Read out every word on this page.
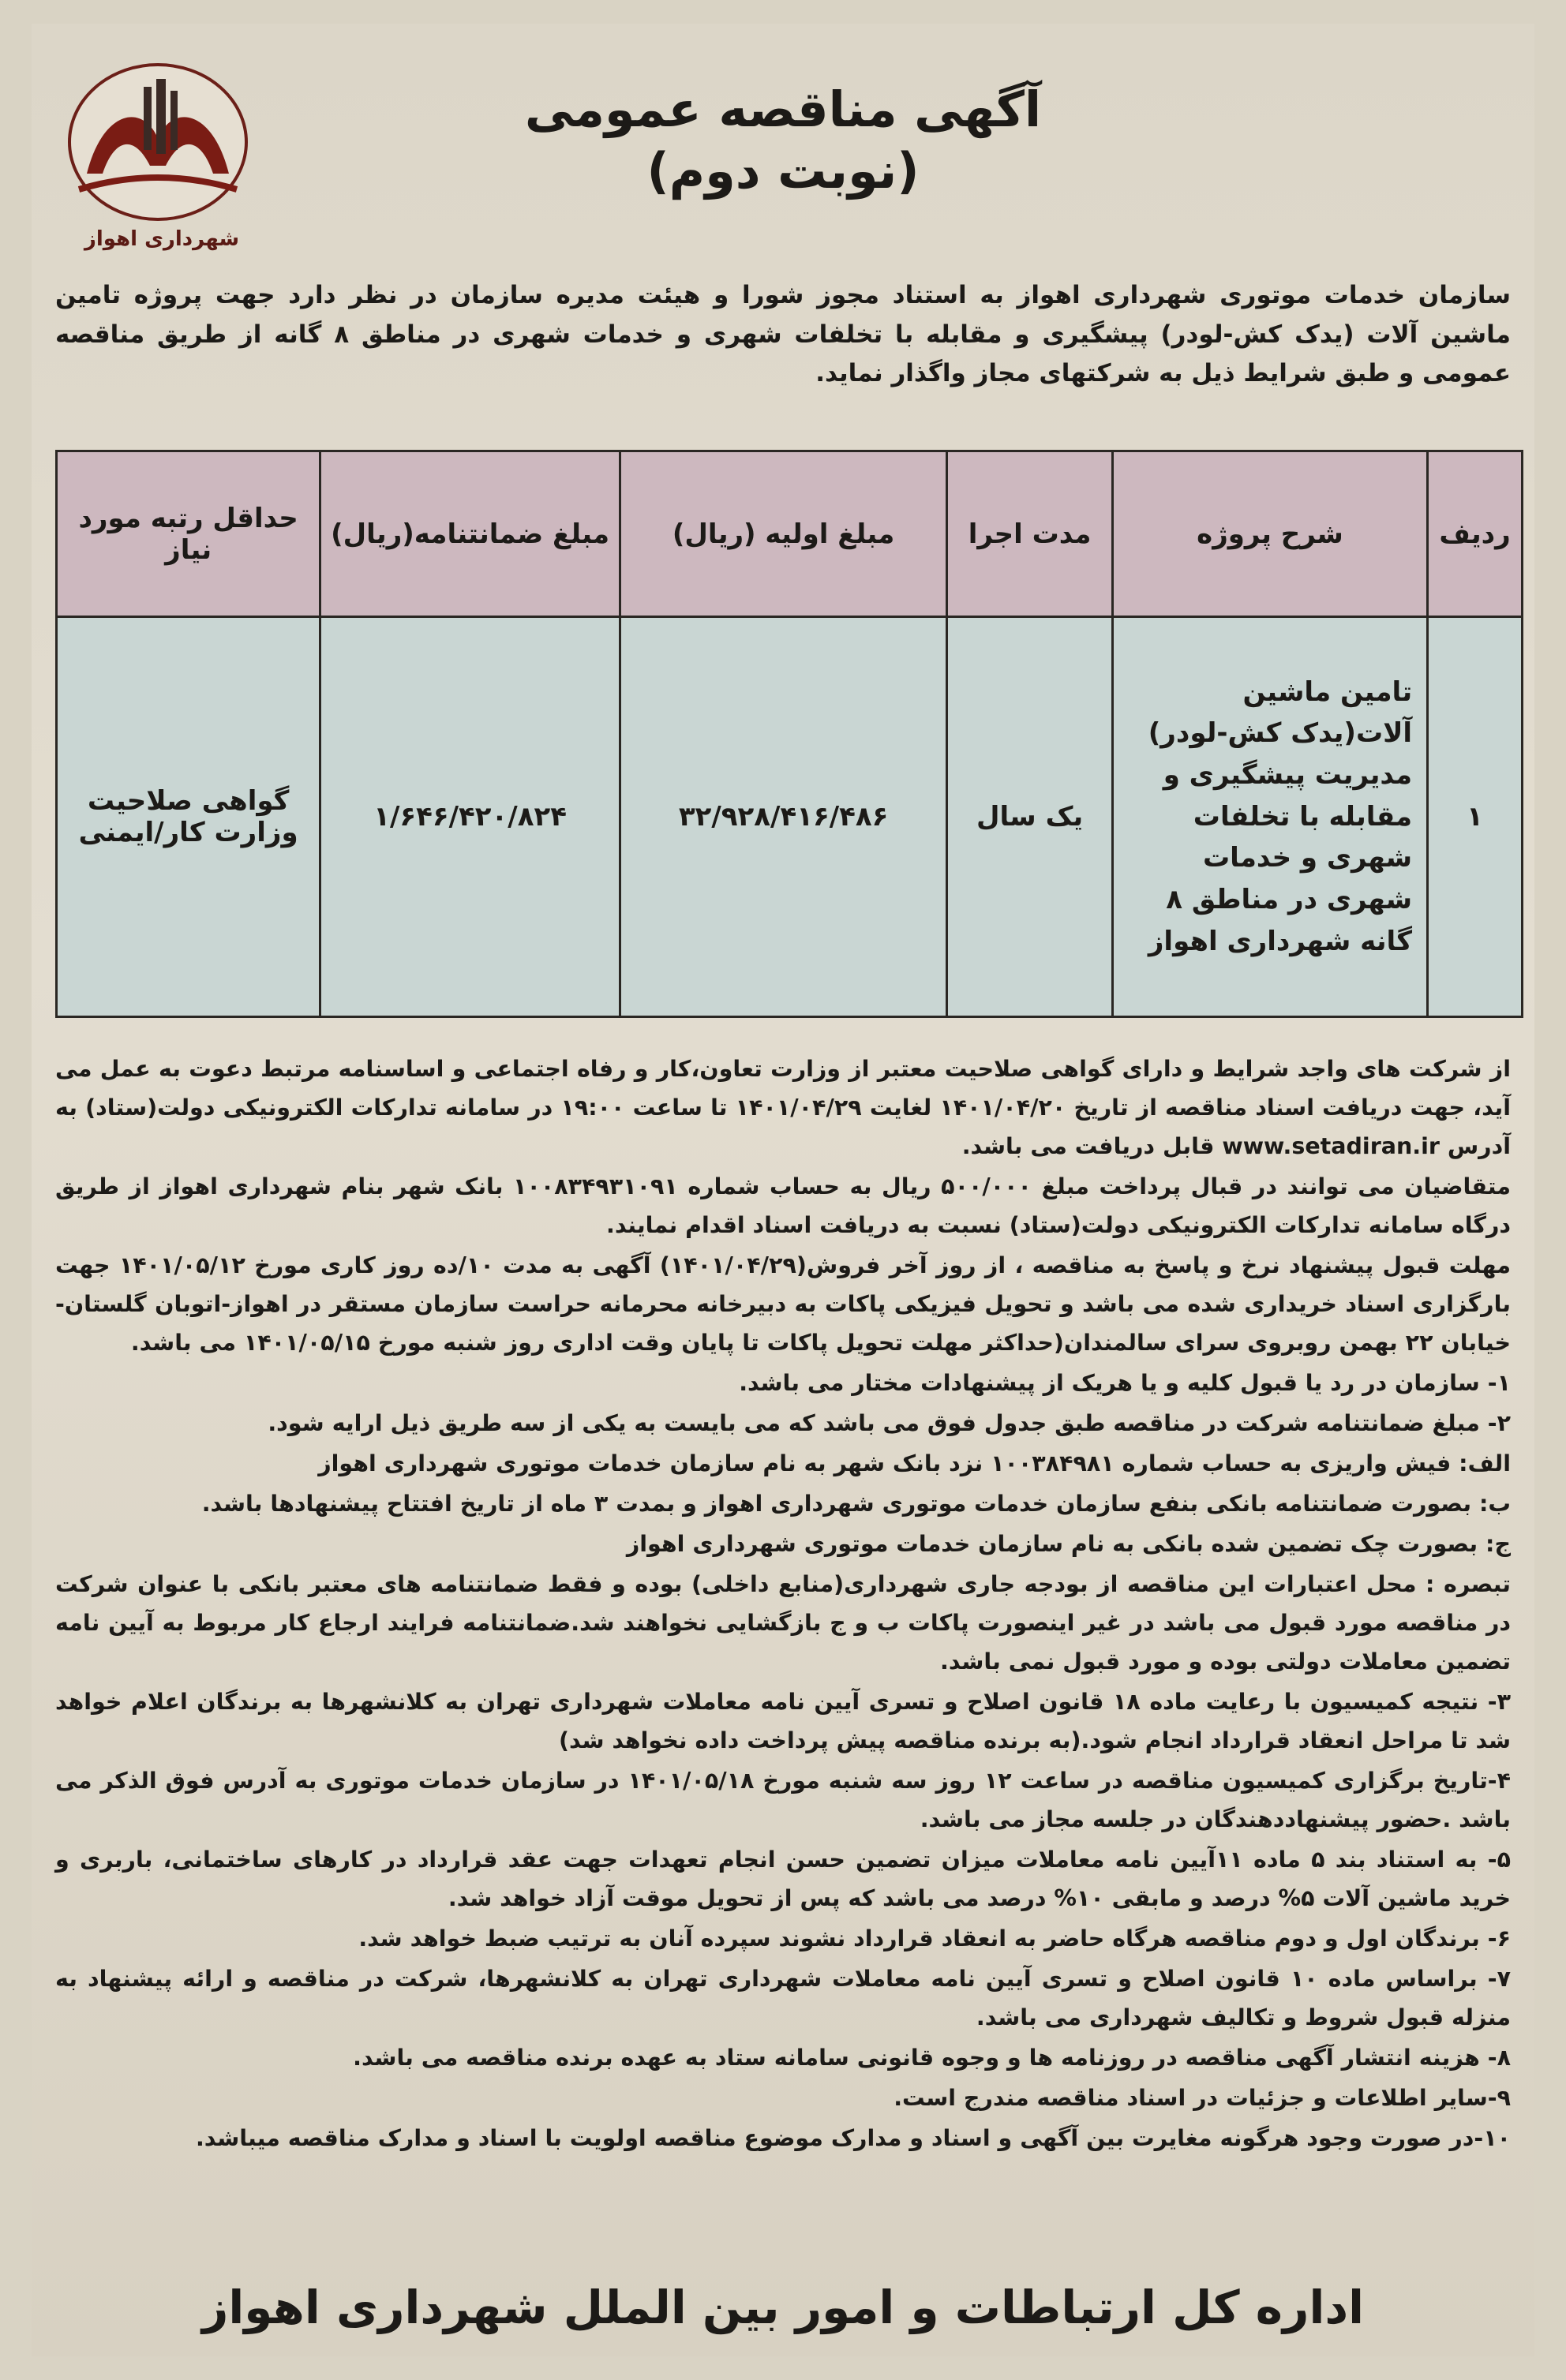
شهرداری اهواز
آگهی مناقصه عمومی
(نوبت دوم)
سازمان خدمات موتوری شهرداری اهواز به استناد مجوز شورا و هیئت مدیره سازمان در نظر دارد جهت پروژه تامین ماشین آلات (یدک کش-لودر) پیشگیری و مقابله با تخلفات شهری و خدمات شهری در مناطق ۸ گانه از طریق مناقصه عمومی و طبق شرایط ذیل به شرکتهای مجاز واگذار نماید.
ردیف	شرح پروژه	مدت اجرا	مبلغ اولیه (ریال)	مبلغ ضمانتنامه(ریال)	حداقل رتبه مورد نیاز
۱	تامین ماشین آلات(یدک کش-لودر) مدیریت پیشگیری و مقابله با تخلفات شهری و خدمات شهری در مناطق ۸ گانه شهرداری اهواز	یک سال	۳۲/۹۲۸/۴۱۶/۴۸۶	۱/۶۴۶/۴۲۰/۸۲۴	گواهی صلاحیت وزارت کار/ایمنی

از شرکت های واجد شرایط و دارای گواهی صلاحیت معتبر از وزارت تعاون،کار و رفاه اجتماعی و اساسنامه مرتبط دعوت به عمل می آید، جهت دریافت اسناد مناقصه از تاریخ ۱۴۰۱/۰۴/۲۰ لغایت ۱۴۰۱/۰۴/۲۹ تا ساعت ۱۹:۰۰ در سامانه تدارکات الکترونیکی دولت(ستاد) به آدرس www.setadiran.ir قابل دریافت می باشد.

متقاضیان می توانند در قبال پرداخت مبلغ ۵۰۰/۰۰۰ ریال به حساب شماره ۱۰۰۸۳۴۹۳۱۰۹۱ بانک شهر بنام شهرداری اهواز از طریق درگاه سامانه تدارکات الکترونیکی دولت(ستاد) نسبت به دریافت اسناد اقدام نمایند.

مهلت قبول پیشنهاد نرخ و پاسخ به مناقصه ، از روز آخر فروش(۱۴۰۱/۰۴/۲۹) آگهی به مدت ۱۰/ده روز کاری مورخ ۱۴۰۱/۰۵/۱۲ جهت بارگزاری اسناد خریداری شده می باشد و تحویل فیزیکی پاکات به دبیرخانه محرمانه حراست سازمان مستقر در اهواز-اتوبان گلستان-خیابان ۲۲ بهمن روبروی سرای سالمندان(حداکثر مهلت تحویل پاکات تا پایان وقت اداری روز شنبه مورخ ۱۴۰۱/۰۵/۱۵ می باشد.

۱- سازمان در رد یا قبول کلیه و یا هریک از پیشنهادات مختار می باشد.

۲- مبلغ ضمانتنامه شرکت در مناقصه طبق جدول فوق می باشد که می بایست به یکی از سه طریق ذیل ارایه شود.

الف: فیش واریزی به حساب شماره ۱۰۰۳۸۴۹۸۱ نزد بانک شهر به نام سازمان خدمات موتوری شهرداری اهواز

ب: بصورت ضمانتنامه بانکی بنفع سازمان خدمات موتوری شهرداری اهواز و بمدت ۳ ماه از تاریخ افتتاح پیشنهادها باشد.

ج: بصورت چک تضمین شده بانکی به نام سازمان خدمات موتوری شهرداری اهواز

تبصره : محل اعتبارات این مناقصه از بودجه جاری شهرداری(منابع داخلی) بوده و فقط ضمانتنامه های معتبر بانکی با عنوان شرکت در مناقصه مورد قبول می باشد در غیر اینصورت پاکات ب و ج بازگشایی نخواهند شد.ضمانتنامه فرایند ارجاع کار مربوط به آیین نامه تضمین معاملات دولتی بوده و مورد قبول نمی باشد.

۳- نتیجه کمیسیون با رعایت ماده ۱۸ قانون اصلاح و تسری آیین نامه معاملات شهرداری تهران به کلانشهرها به برندگان اعلام خواهد شد تا مراحل انعقاد قرارداد انجام شود.(به برنده مناقصه پیش پرداخت داده نخواهد شد)

۴-تاریخ برگزاری کمیسیون مناقصه در ساعت ۱۲ روز سه شنبه مورخ ۱۴۰۱/۰۵/۱۸ در سازمان خدمات موتوری به آدرس فوق الذکر می باشد .حضور پیشنهاددهندگان در جلسه مجاز می باشد.

۵- به استناد بند ۵ ماده ۱۱آیین نامه معاملات میزان تضمین حسن انجام تعهدات جهت عقد قرارداد در کارهای ساختمانی، باربری و خرید ماشین آلات ۵% درصد و مابقی ۱۰% درصد می باشد که پس از تحویل موقت آزاد خواهد شد.

۶- برندگان اول و دوم مناقصه هرگاه حاضر به انعقاد قرارداد نشوند سپرده آنان به ترتیب ضبط خواهد شد.

۷- براساس ماده ۱۰ قانون اصلاح و تسری آیین نامه معاملات شهرداری تهران به کلانشهرها، شرکت در مناقصه و ارائه پیشنهاد به منزله قبول شروط و تکالیف شهرداری می باشد.

۸- هزینه انتشار آگهی مناقصه در روزنامه ها و وجوه قانونی سامانه ستاد به عهده برنده مناقصه می باشد.

۹-سایر اطلاعات و جزئیات در اسناد مناقصه مندرج است.

۱۰-در صورت وجود هرگونه مغایرت بین آگهی و اسناد و مدارک موضوع مناقصه اولویت با اسناد و مدارک مناقصه میباشد.

اداره کل ارتباطات و امور بین الملل شهرداری اهواز
